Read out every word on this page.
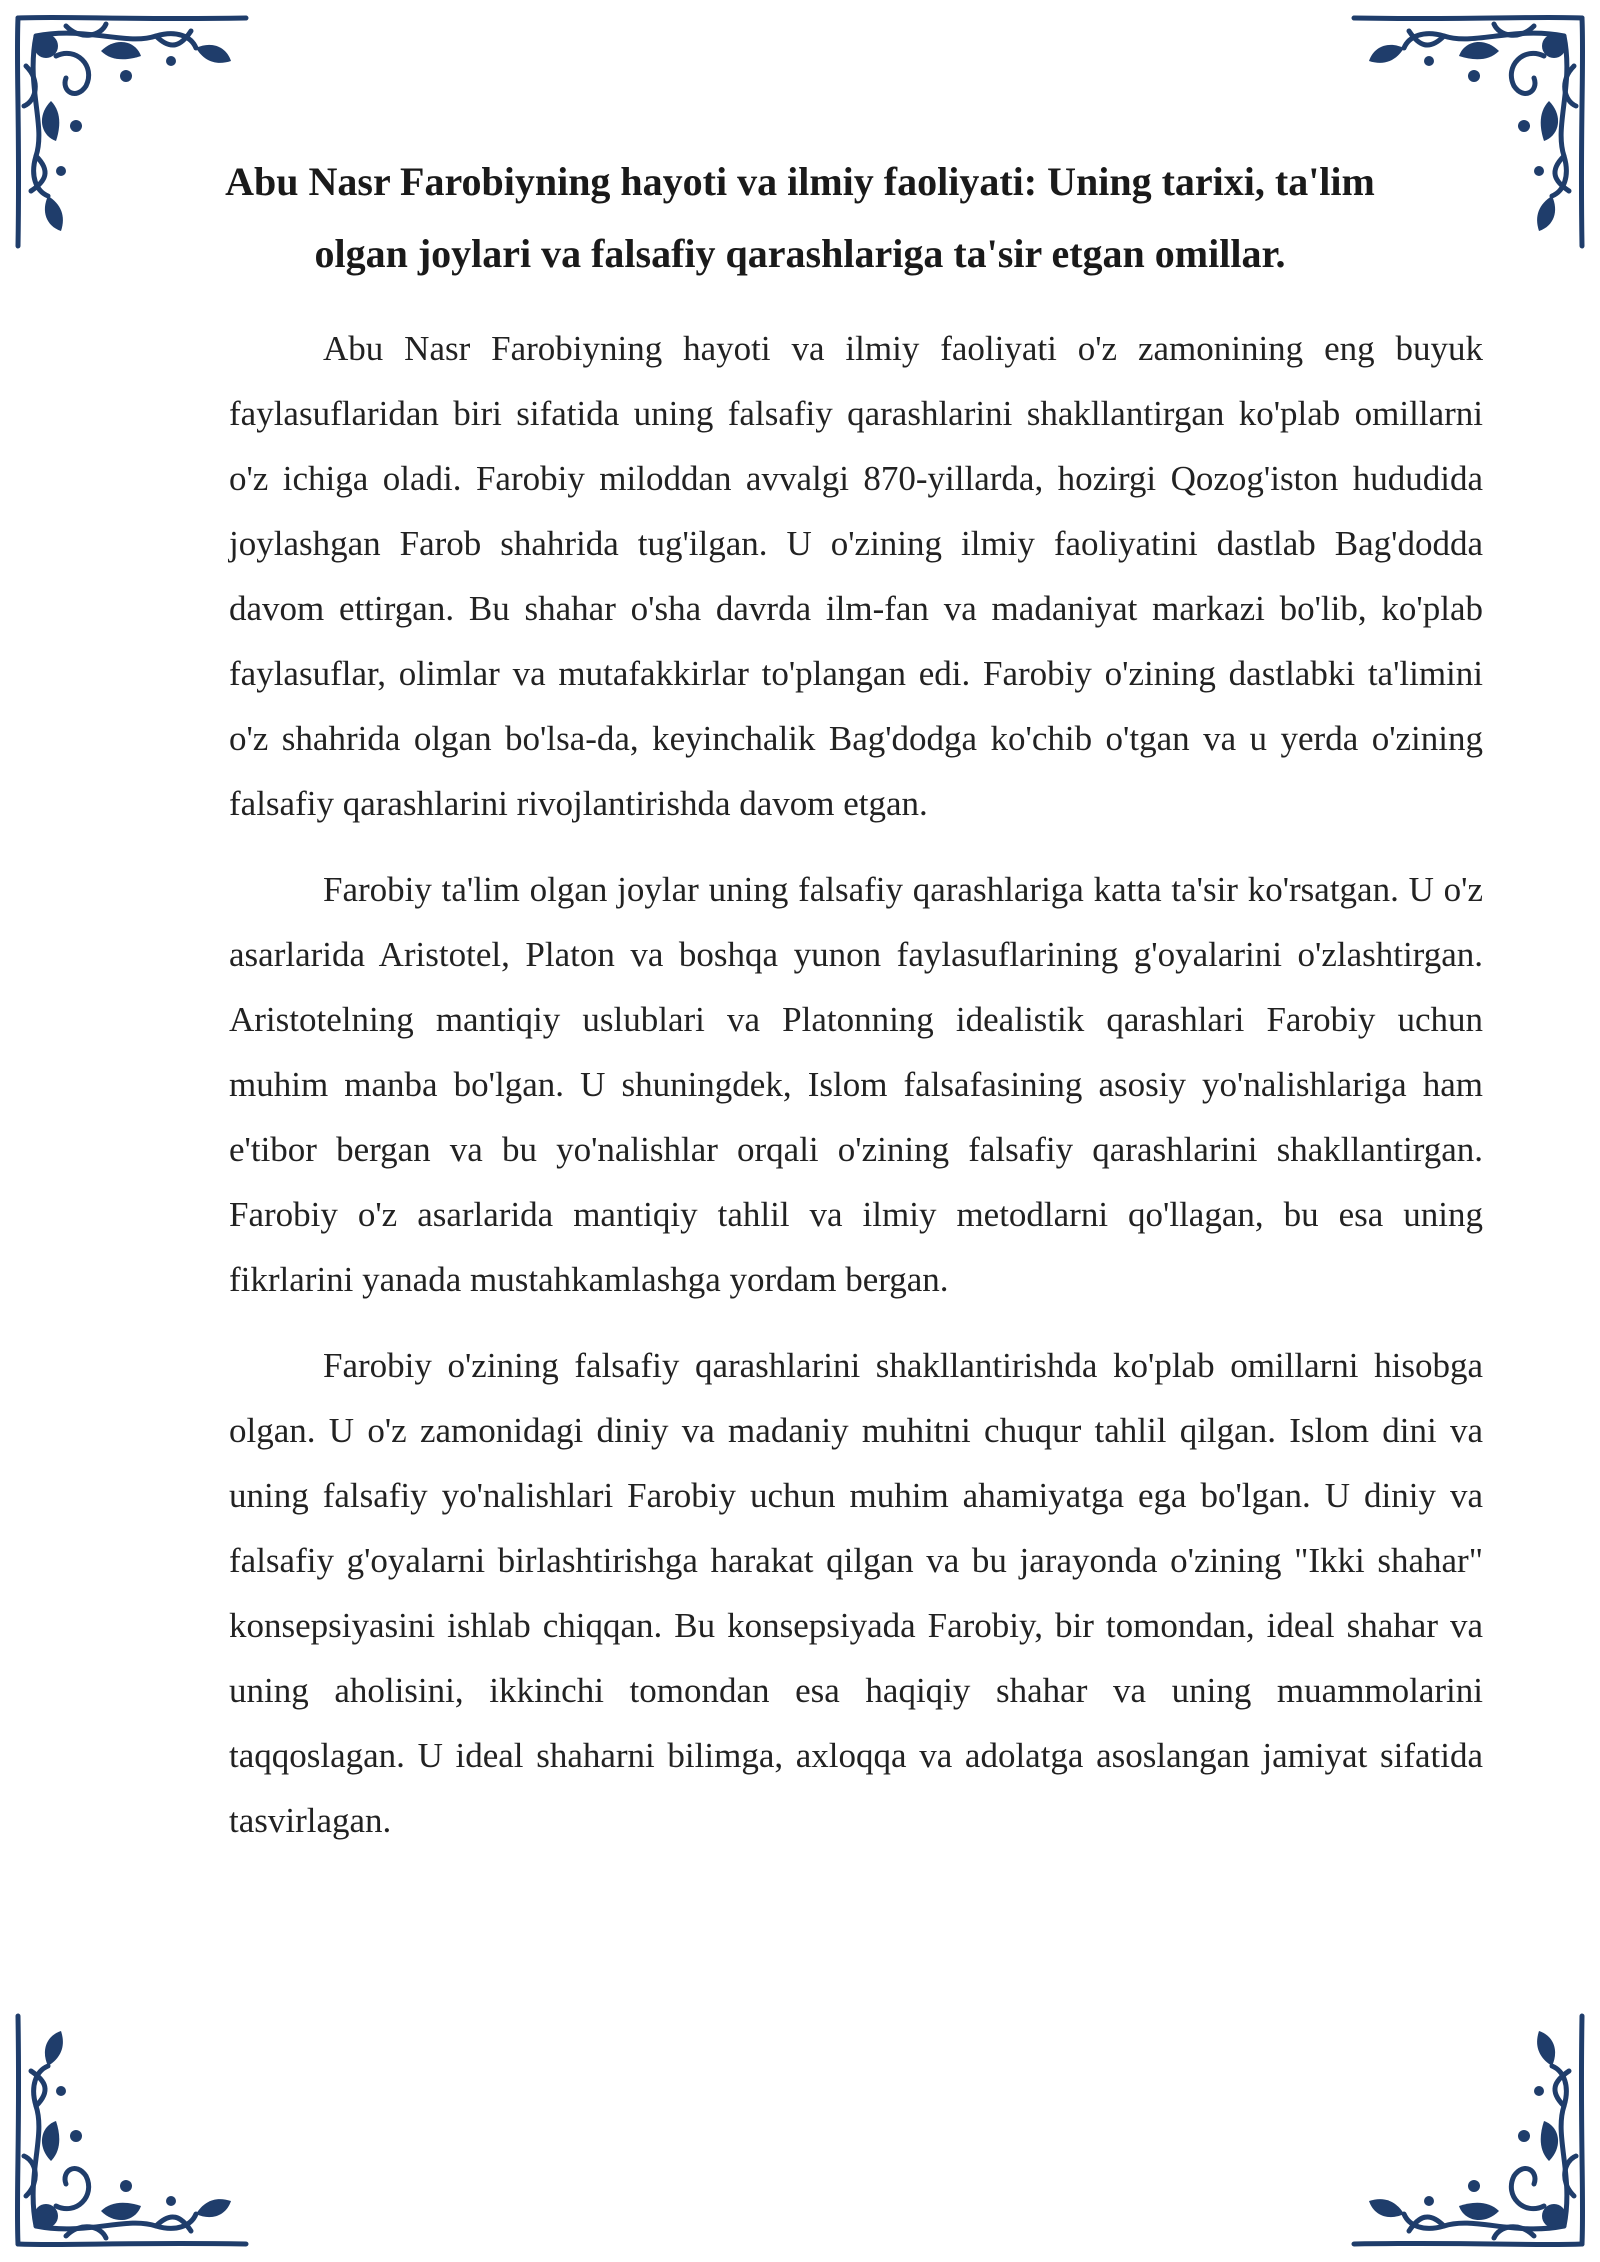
Abu Nasr Farobiyning hayoti va ilmiy faoliyati: Uning tarixi, ta'lim olgan joylari va falsafiy qarashlariga ta'sir etgan omillar.

Abu Nasr Farobiyning hayoti va ilmiy faoliyati o'z zamonining eng buyuk faylasuflaridan biri sifatida uning falsafiy qarashlarini shakllantirgan ko'plab omillarni o'z ichiga oladi. Farobiy miloddan avvalgi 870-yillarda, hozirgi Qozog'iston hududida joylashgan Farob shahrida tug'ilgan. U o'zining ilmiy faoliyatini dastlab Bag'dodda davom ettirgan. Bu shahar o'sha davrda ilm-fan va madaniyat markazi bo'lib, ko'plab faylasuflar, olimlar va mutafakkirlar to'plangan edi. Farobiy o'zining dastlabki ta'limini o'z shahrida olgan bo'lsa-da, keyinchalik Bag'dodga ko'chib o'tgan va u yerda o'zining falsafiy qarashlarini rivojlantirishda davom etgan.

Farobiy ta'lim olgan joylar uning falsafiy qarashlariga katta ta'sir ko'rsatgan. U o'z asarlarida Aristotel, Platon va boshqa yunon faylasuflarining g'oyalarini o'zlashtirgan. Aristotelning mantiqiy uslublari va Platonning idealistik qarashlari Farobiy uchun muhim manba bo'lgan. U shuningdek, Islom falsafasining asosiy yo'nalishlariga ham e'tibor bergan va bu yo'nalishlar orqali o'zining falsafiy qarashlarini shakllantirgan. Farobiy o'z asarlarida mantiqiy tahlil va ilmiy metodlarni qo'llagan, bu esa uning fikrlarini yanada mustahkamlashga yordam bergan.

Farobiy o'zining falsafiy qarashlarini shakllantirishda ko'plab omillarni hisobga olgan. U o'z zamonidagi diniy va madaniy muhitni chuqur tahlil qilgan. Islom dini va uning falsafiy yo'nalishlari Farobiy uchun muhim ahamiyatga ega bo'lgan. U diniy va falsafiy g'oyalarni birlashtirishga harakat qilgan va bu jarayonda o'zining "Ikki shahar" konsepsiyasini ishlab chiqqan. Bu konsepsiyada Farobiy, bir tomondan, ideal shahar va uning aholisini, ikkinchi tomondan esa haqiqiy shahar va uning muammolarini taqqoslagan. U ideal shaharni bilimga, axloqqa va adolatga asoslangan jamiyat sifatida tasvirlagan.
